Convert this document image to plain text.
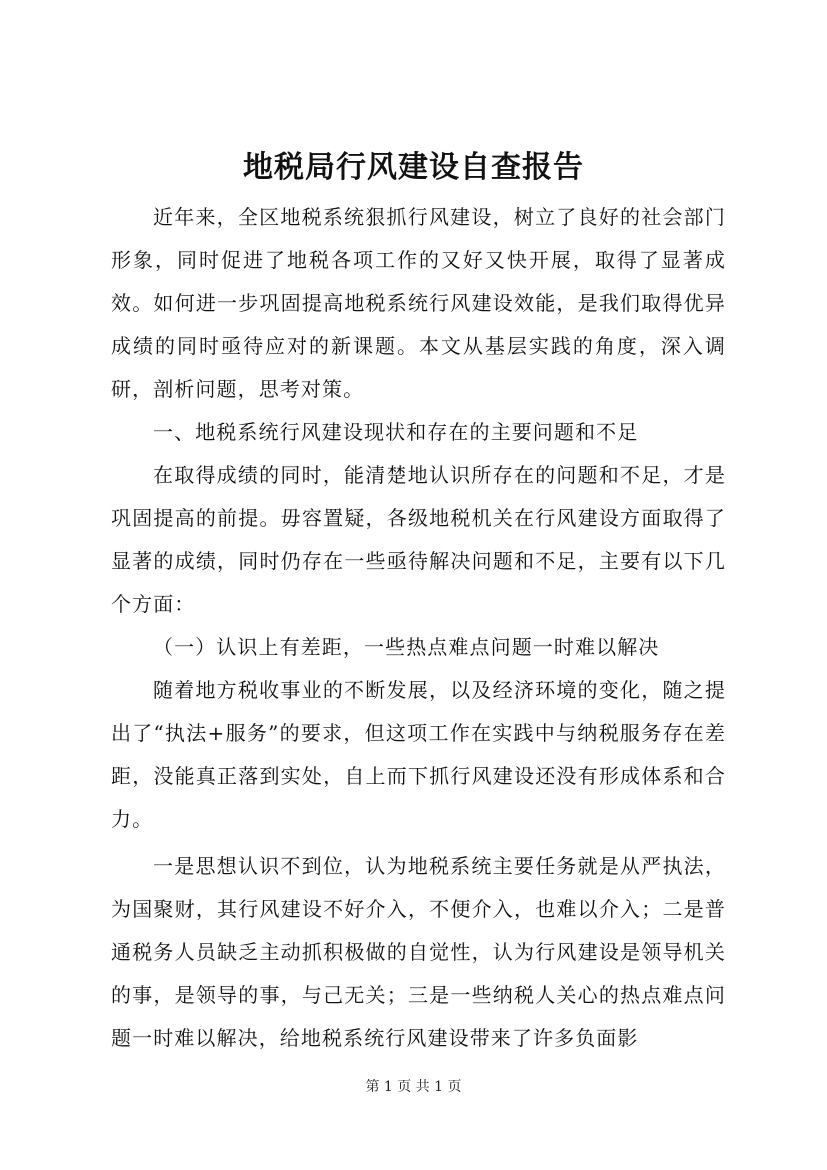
地税局行风建设自查报告

近年来，全区地税系统狠抓行风建设，树立了良好的社会部门形象，同时促进了地税各项工作的又好又快开展，取得了显著成效。如何进一步巩固提高地税系统行风建设效能，是我们取得优异成绩的同时亟待应对的新课题。本文从基层实践的角度，深入调研，剖析问题，思考对策。

一、地税系统行风建设现状和存在的主要问题和不足

在取得成绩的同时，能清楚地认识所存在的问题和不足，才是巩固提高的前提。毋容置疑，各级地税机关在行风建设方面取得了显著的成绩，同时仍存在一些亟待解决问题和不足，主要有以下几个方面：

（一）认识上有差距，一些热点难点问题一时难以解决

随着地方税收事业的不断发展，以及经济环境的变化，随之提出了“执法+服务”的要求，但这项工作在实践中与纳税服务存在差距，没能真正落到实处，自上而下抓行风建设还没有形成体系和合力。

一是思想认识不到位，认为地税系统主要任务就是从严执法，为国聚财，其行风建设不好介入，不便介入，也难以介入；二是普通税务人员缺乏主动抓积极做的自觉性，认为行风建设是领导机关的事，是领导的事，与己无关；三是一些纳税人关心的热点难点问题一时难以解决，给地税系统行风建设带来了许多负面影

第 1 页 共 1 页
